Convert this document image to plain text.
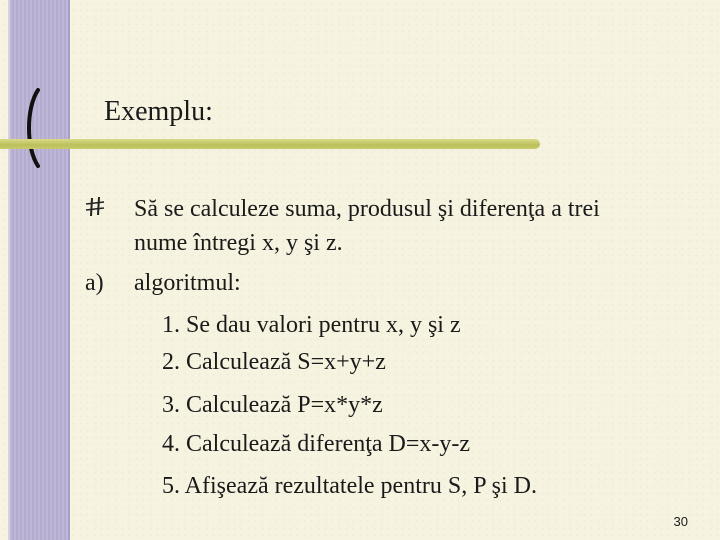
Exemplu:
Să se calculeze suma, produsul şi diferenţa a trei
nume întregi x, y şi z.
a) algoritmul:
1. Se dau valori pentru x, y şi z
2. Calculează S=x+y+z
3. Calculează P=x*y*z
4. Calculează diferenţa D=x-y-z
5. Afişează rezultatele pentru S, P şi D.
30
